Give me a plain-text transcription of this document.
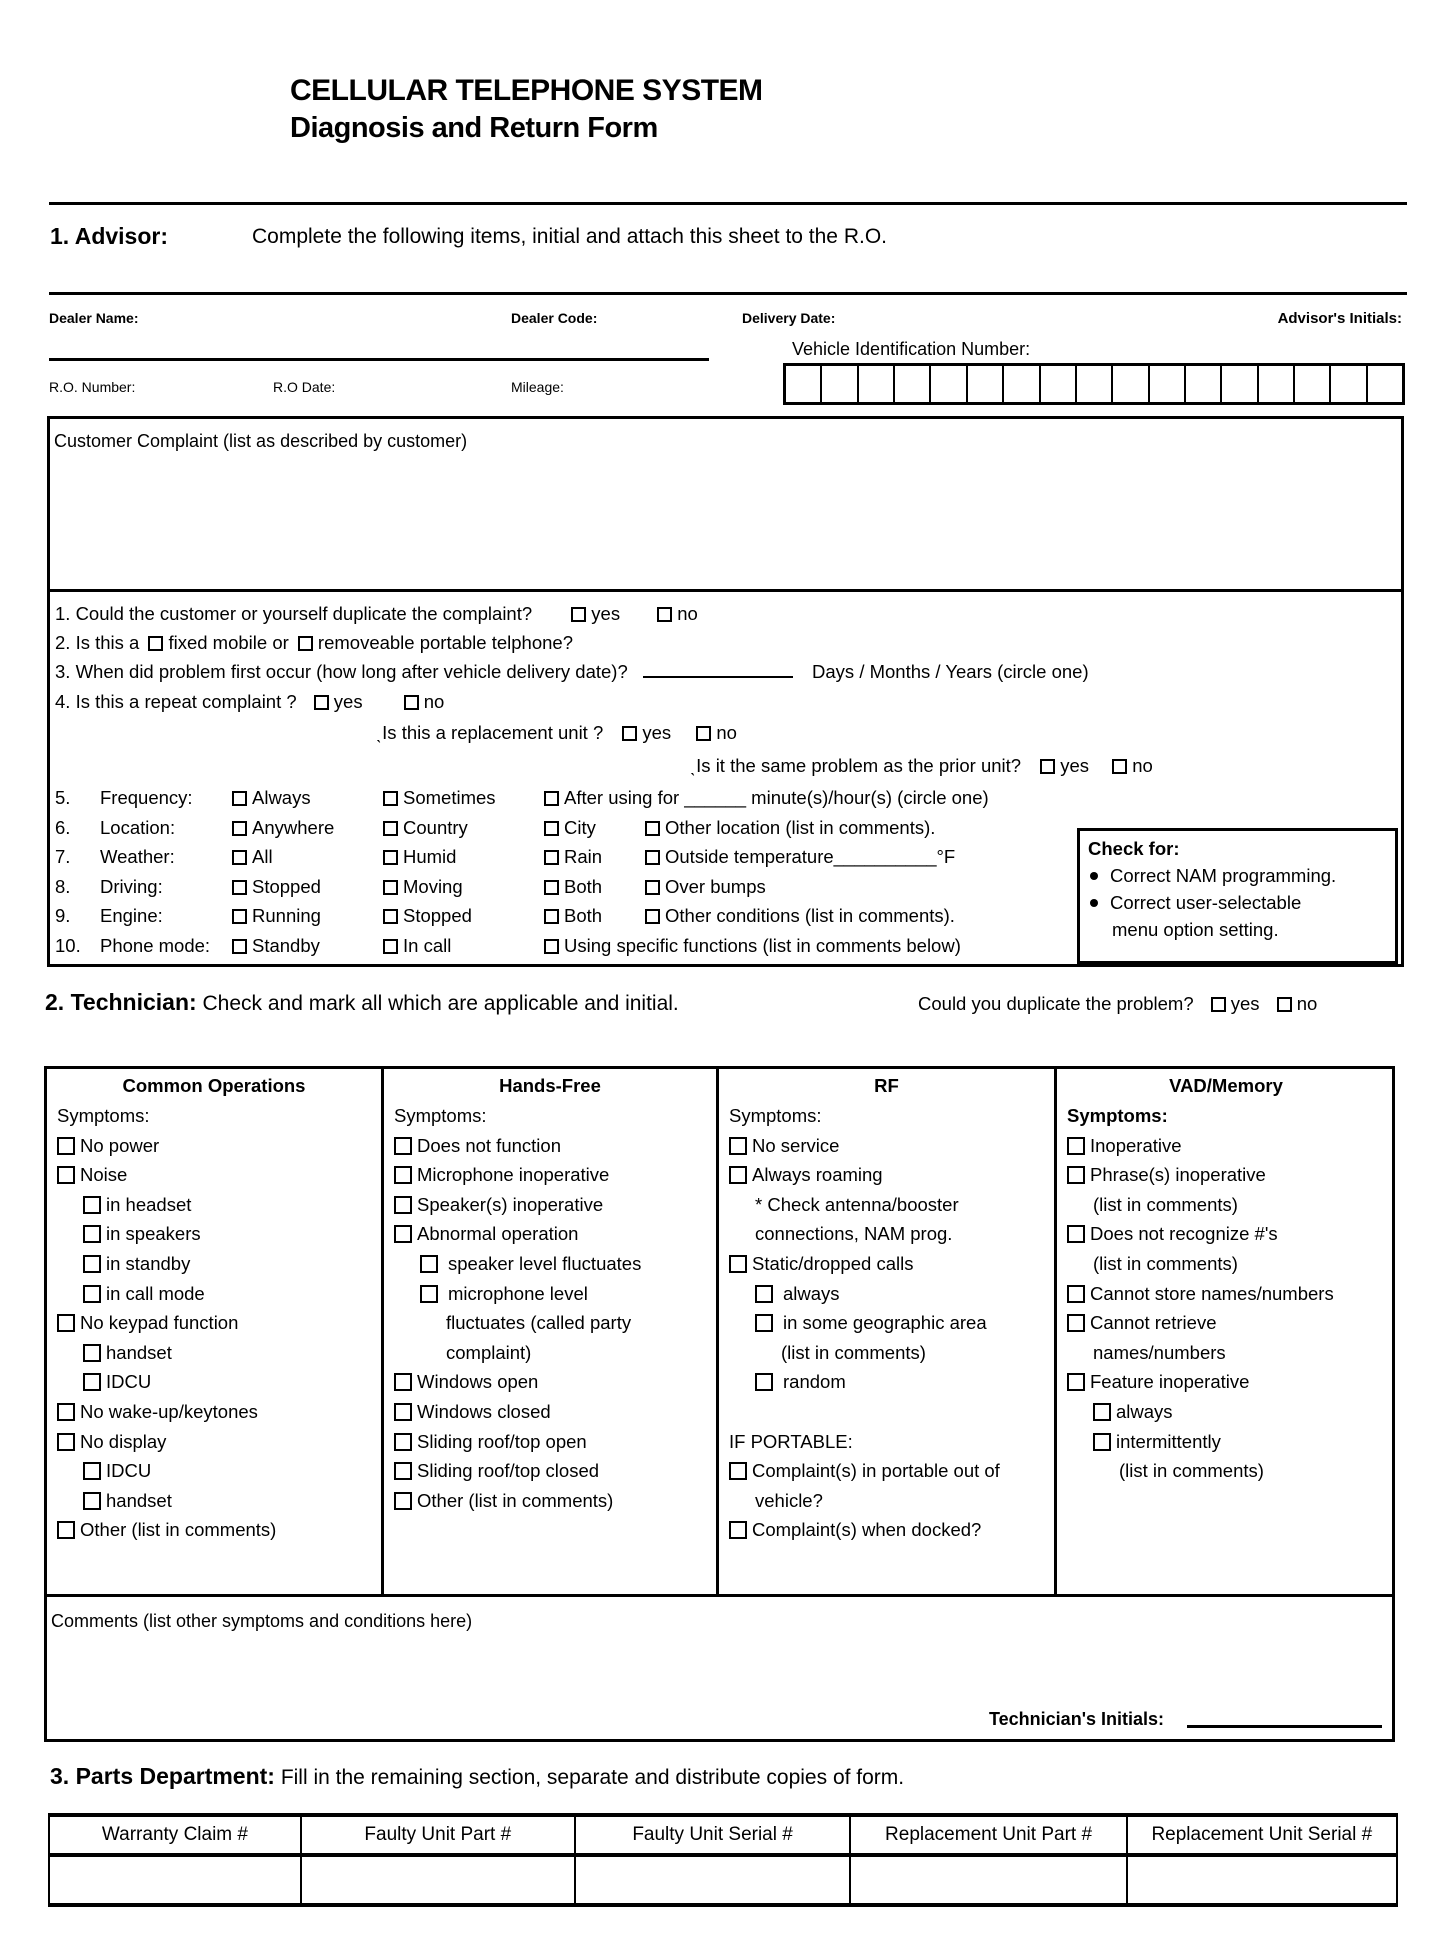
CELLULAR TELEPHONE SYSTEM
Diagnosis and Return Form
1. Advisor:	Complete the following items, initial and attach this sheet to the R.O.
Dealer Name:	Dealer Code:	Delivery Date:	Advisor's Initials:
Vehicle Identification Number:
R.O. Number:	R.O Date:	Mileage:
Customer Complaint (list as described by customer)
1. Could the customer or yourself duplicate the complaint?	yes	no
2. Is this a fixed mobile or removeable portable telphone?
3. When did problem first occur (how long after vehicle delivery date)?	Days / Months / Years (circle one)
4. Is this a repeat complaint ? yes	no
ˎIs this a replacement unit ? yes no
ˎIs it the same problem as the prior unit? yes no
5. Frequency:	Always	Sometimes	After using for ______ minute(s)/hour(s) (circle one)
6. Location:	Anywhere	Country	City	Other location (list in comments).
7. Weather:	All	Humid	Rain	Outside temperature__________°F
8. Driving:	Stopped	Moving	Both	Over bumps
9. Engine:	Running	Stopped	Both	Other conditions (list in comments).
10. Phone mode:	Standby	In call	Using specific functions (list in comments below)
Check for:
Correct NAM programming.
Correct user-selectable
menu option setting.
2. Technician: Check and mark all which are applicable and initial.	Could you duplicate the problem? yes no
Common Operations
Symptoms:
No power
Noise
in headset
in speakers
in standby
in call mode
No keypad function
handset
IDCU
No wake-up/keytones
No display
IDCU
handset
Other (list in comments)
Hands-Free
Symptoms:
Does not function
Microphone inoperative
Speaker(s) inoperative
Abnormal operation
speaker level fluctuates
microphone level
fluctuates (called party
complaint)
Windows open
Windows closed
Sliding roof/top open
Sliding roof/top closed
Other (list in comments)
RF
Symptoms:
No service
Always roaming
* Check antenna/booster
connections, NAM prog.
Static/dropped calls
always
in some geographic area
(list in comments)
random
IF PORTABLE:
Complaint(s) in portable out of
vehicle?
Complaint(s) when docked?
VAD/Memory
Symptoms:
Inoperative
Phrase(s) inoperative
(list in comments)
Does not recognize #'s
(list in comments)
Cannot store names/numbers
Cannot retrieve
names/numbers
Feature inoperative
always
intermittently
(list in comments)
Comments (list other symptoms and conditions here)
Technician's Initials:
3. Parts Department: Fill in the remaining section, separate and distribute copies of form.
Warranty Claim #	Faulty Unit Part #	Faulty Unit Serial #	Replacement Unit Part #	Replacement Unit Serial #
